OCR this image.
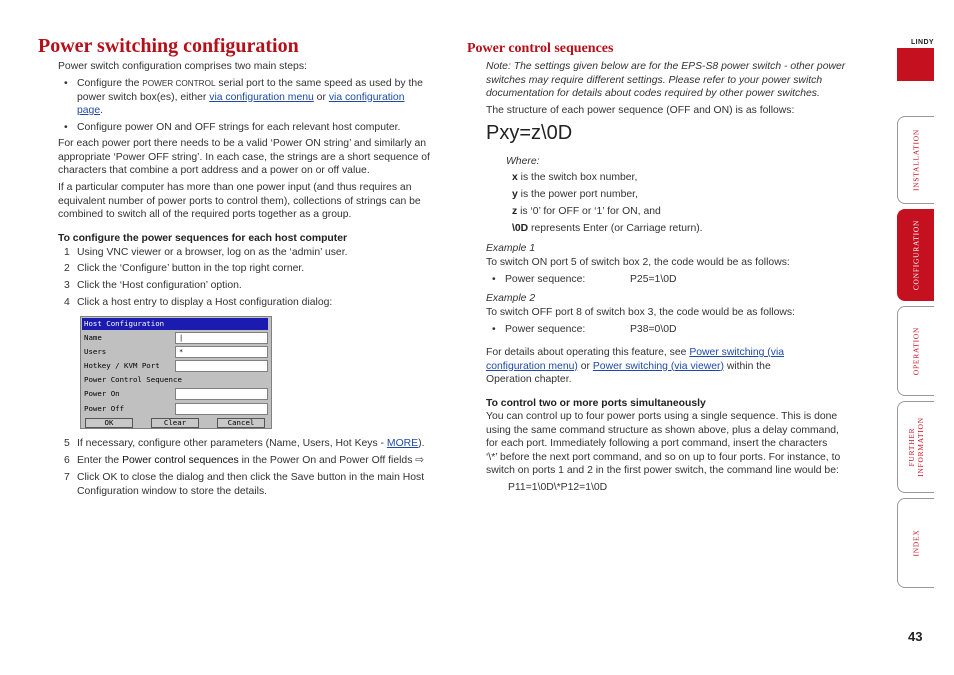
Power switching configuration
Power switch configuration comprises two main steps:
• Configure the POWER CONTROL serial port to the same speed as used by the
power switch box(es), either via configuration menu or via configuration
page.
• Configure power ON and OFF strings for each relevant host computer.
For each power port there needs to be a valid ‘Power ON string’ and similarly an
appropriate ‘Power OFF string’. In each case, the strings are a short sequence of
characters that combine a port address and a power on or off value.
If a particular computer has more than one power input (and thus requires an
equivalent number of power ports to control them), collections of strings can be
combined to switch all of the required ports together as a group.
To configure the power sequences for each host computer
1 Using VNC viewer or a browser, log on as the ‘admin’ user.
2 Click the ‘Configure’ button in the top right corner.
3 Click the ‘Host configuration’ option.
4 Click a host entry to display a Host configuration dialog:
Host Configuration
Name	|
Users	*
Hotkey / KVM Port
Power Control Sequence
Power On
Power Off
OK	Clear	Cancel
5 If necessary, configure other parameters (Name, Users, Hot Keys - MORE).
6 Enter the Power control sequences in the Power On and Power Off fields ⇨
7 Click OK to close the dialog and then click the Save button in the main Host
Configuration window to store the details.
Power control sequences
Note: The settings given below are for the EPS-S8 power switch - other power
switches may require different settings. Please refer to your power switch
documentation for details about codes required by other power switches.
The structure of each power sequence (OFF and ON) is as follows:
Pxy=z\0D
Where:
x is the switch box number,
y is the power port number,
z is ‘0’ for OFF or ‘1’ for ON, and
\0D represents Enter (or Carriage return).
Example 1
To switch ON port 5 of switch box 2, the code would be as follows:
• Power sequence:	P25=1\0D
Example 2
To switch OFF port 8 of switch box 3, the code would be as follows:
• Power sequence:	P38=0\0D
For details about operating this feature, see Power switching (via
configuration menu) or Power switching (via viewer) within the
Operation chapter.
To control two or more ports simultaneously
You can control up to four power ports using a single sequence. This is done
using the same command structure as shown above, plus a delay command,
for each port. Immediately following a port command, insert the characters
‘\*’ before the next port command, and so on up to four ports. For instance, to
switch on ports 1 and 2 in the first power switch, the command line would be:
P11=1\0D\*P12=1\0D
LINDY
INSTALLATION
CONFIGURATION
OPERATION
FURTHER INFORMATION
INDEX
43
